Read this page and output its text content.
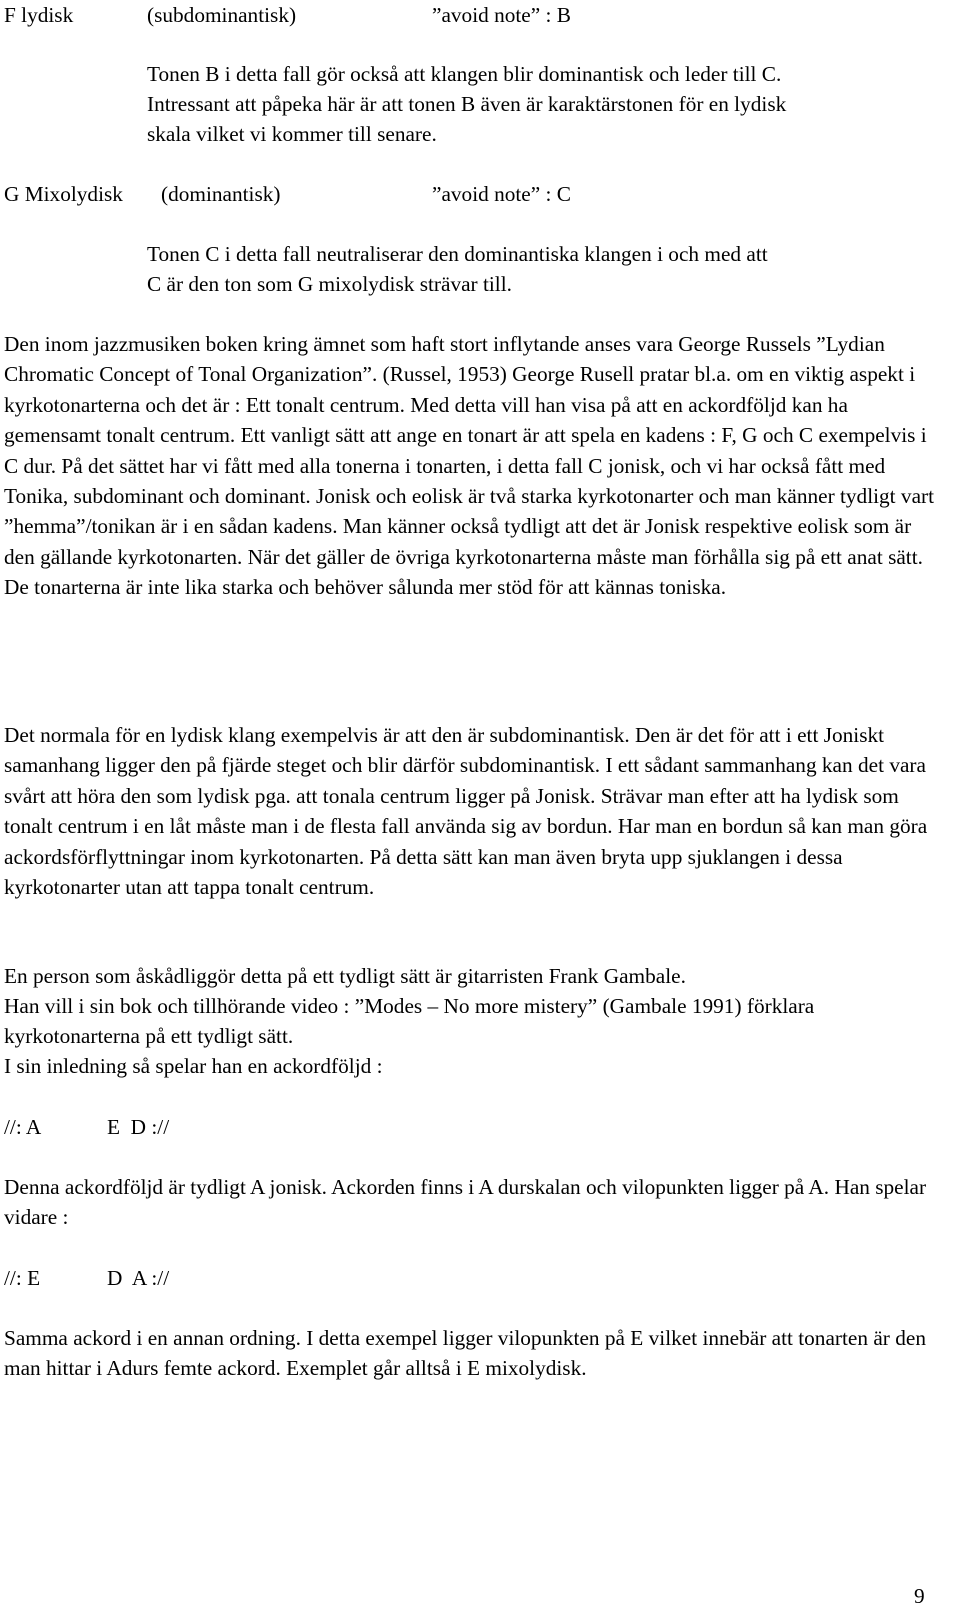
F lydisk	(subdominantisk)	”avoid note” : B
Tonen B i detta fall gör också att klangen blir dominantisk och leder till C.
Intressant att påpeka här är att tonen B även är karaktärstonen för en lydisk
skala vilket vi kommer till senare.
G Mixolydisk (dominantisk)	”avoid note” : C
Tonen C i detta fall neutraliserar den dominantiska klangen i och med att
C är den ton som G mixolydisk strävar till.

Den inom jazzmusiken boken kring ämnet som haft stort inflytande anses vara George Russels ”Lydian Chromatic Concept of Tonal Organization”. (Russel, 1953) George Rusell pratar bl.a. om en viktig aspekt i kyrkotonarterna och det är : Ett tonalt centrum. Med detta vill han visa på att en ackordföljd kan ha gemensamt tonalt centrum. Ett vanligt sätt att ange en tonart är att spela en kadens : F, G och C exempelvis i C dur. På det sättet har vi fått med alla tonerna i tonarten, i detta fall C jonisk, och vi har också fått med Tonika, subdominant och dominant. Jonisk och eolisk är två starka kyrkotonarter och man känner tydligt vart ”hemma”/tonikan är i en sådan kadens. Man känner också tydligt att det är Jonisk respektive eolisk som är den gällande kyrkotonarten. När det gäller de övriga kyrkotonarterna måste man förhålla sig på ett anat sätt. De tonarterna är inte lika starka och behöver sålunda mer stöd för att kännas toniska.

Det normala för en lydisk klang exempelvis är att den är subdominantisk. Den är det för att i ett Joniskt samanhang ligger den på fjärde steget och blir därför subdominantisk. I ett sådant sammanhang kan det vara svårt att höra den som lydisk pga. att tonala centrum ligger på Jonisk. Strävar man efter att ha lydisk som tonalt centrum i en låt måste man i de flesta fall använda sig av bordun. Har man en bordun så kan man göra ackordsförflyttningar inom kyrkotonarten. På detta sätt kan man även bryta upp sjuklangen i dessa kyrkotonarter utan att tappa tonalt centrum.

En person som åskådliggör detta på ett tydligt sätt är gitarristen Frank Gambale.

Han vill i sin bok och tillhörande video : ”Modes – No more mistery” (Gambale 1991) förklara kyrkotonarterna på ett tydligt sätt.

I sin inledning så spelar han en ackordföljd :

//: A	E  D ://

Denna ackordföljd är tydligt A jonisk. Ackorden finns i A durskalan och vilopunkten ligger på A. Han spelar vidare :

//: E	D  A ://

Samma ackord i en annan ordning. I detta exempel ligger vilopunkten på E vilket innebär att tonarten är den man hittar i Adurs femte ackord. Exemplet går alltså i E mixolydisk.

9
